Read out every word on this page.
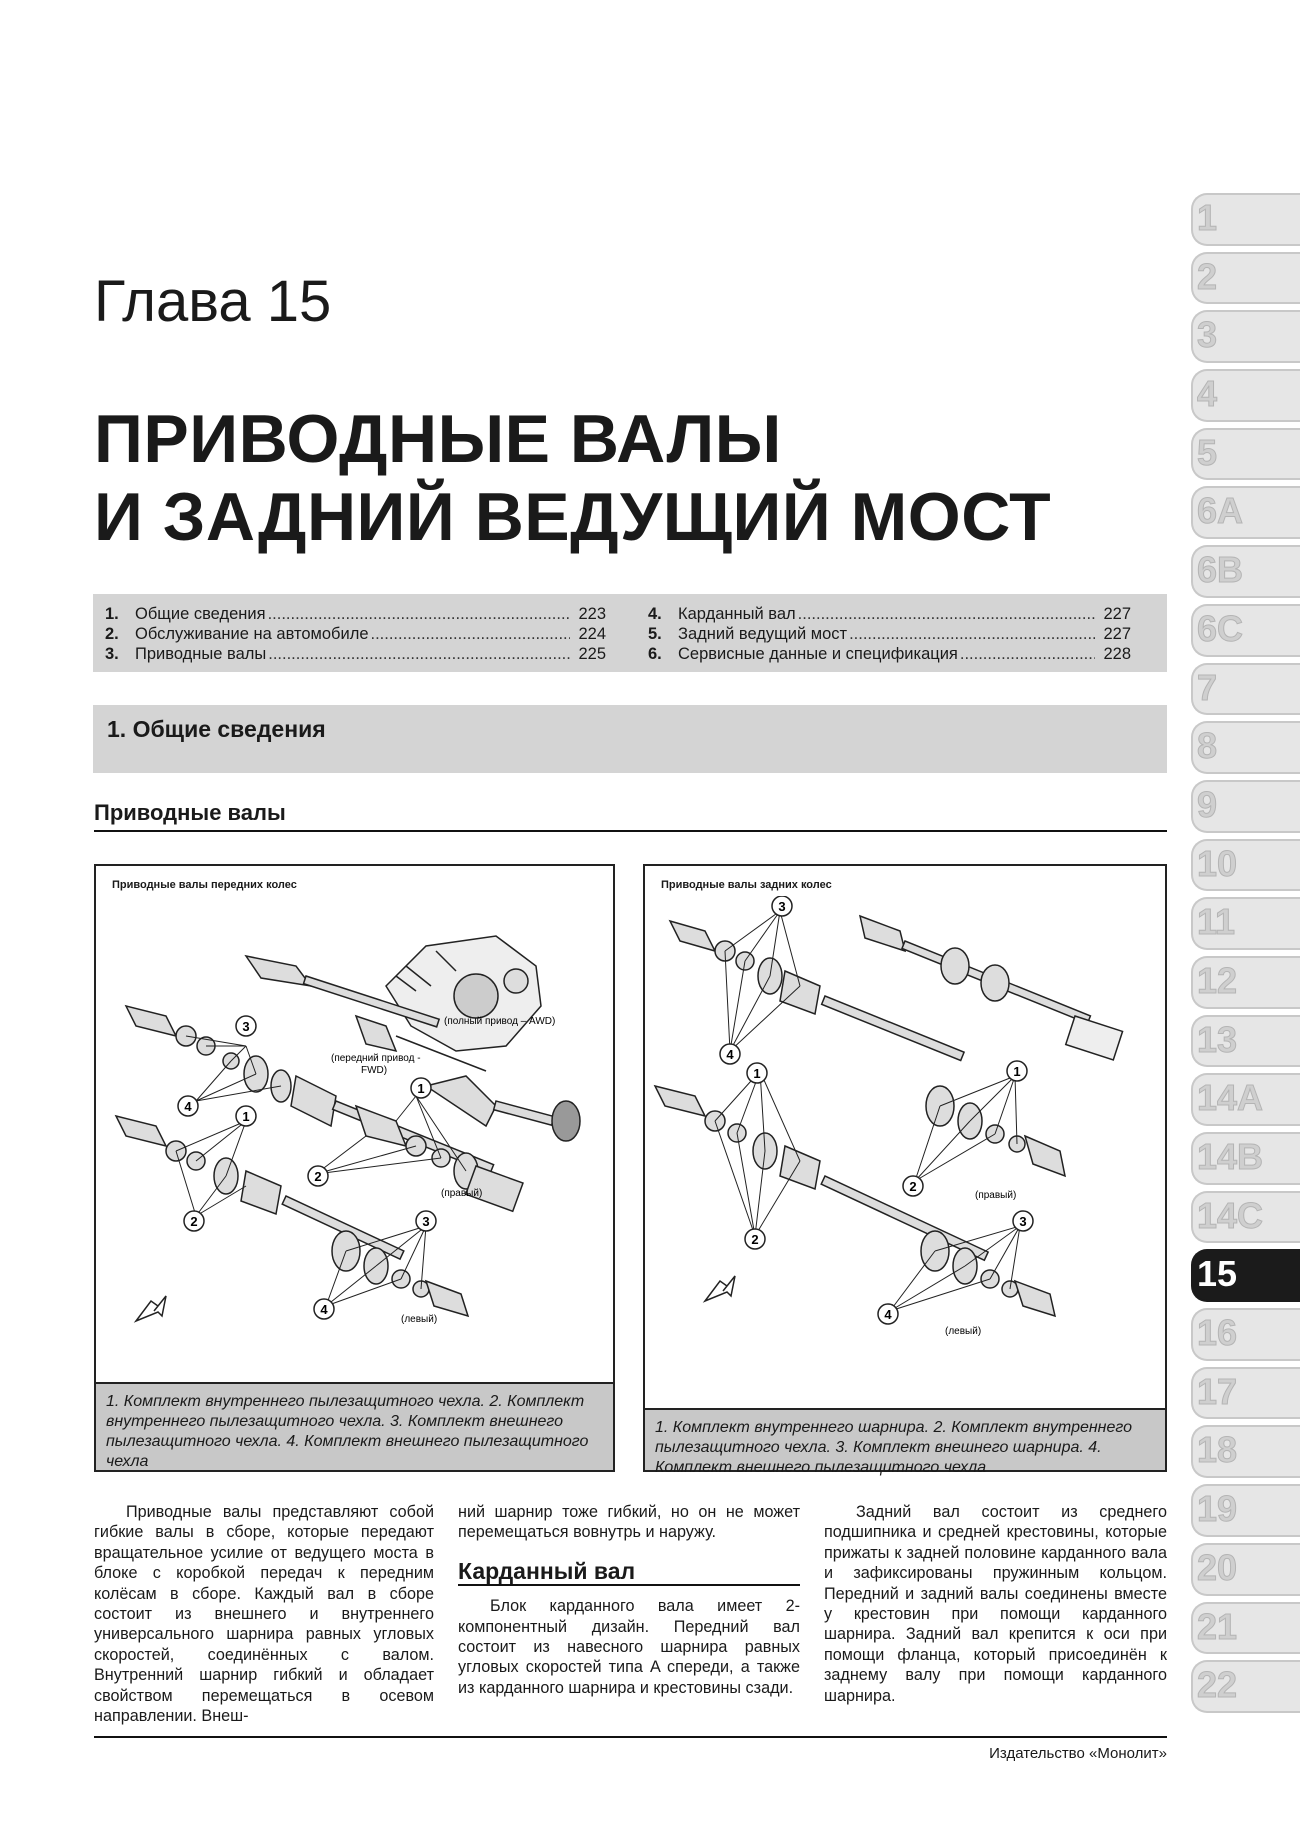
Глава 15
ПРИВОДНЫЕ ВАЛЫ
И ЗАДНИЙ ВЕДУЩИЙ МОСТ
1. Общие сведения .....	223
2. Обслуживание на автомобиле .....	224
3. Приводные валы .....	225
4. Карданный вал .....	227
5. Задний ведущий мост .....	227
6. Сервисные данные и спецификация .....	228
1. Общие сведения
Приводные валы
Приводные валы передних колес
3
4
1
2
1
2	3
4
(полный привод – AWD)
(передний привод -
FWD)
(правый)
(левый)
1. Комплект внутреннего пылезащитного чехла. 2. Комплект внутреннего пылезащитного чехла. 3. Комплект внешнего пылезащитного чехла. 4. Комплект внешнего пылезащитного чехла
Приводные валы задних колес
3
4
1
2
1
2
3
4
(правый)
(левый)
1. Комплект внутреннего шарнира. 2. Комплект внутреннего пылезащитного чехла. 3. Комплект внешнего шарнира. 4. Комплект внешнего пылезащитного чехла

Приводные валы представляют собой гибкие валы в сборе, которые передают вращательное усилие от ведущего моста в блоке с коробкой передач к передним колёсам в сборе. Каждый вал в сборе состоит из внешнего и внутреннего универсального шарнира равных угловых скоростей, соединённых с валом. Внутренний шарнир гибкий и обладает свойством перемещаться в осевом направлении. Внеш-

ний шарнир тоже гибкий, но он не может перемещаться вовнутрь и наружу.

Карданный вал

Блок карданного вала имеет 2-компонентный дизайн. Передний вал состоит из навесного шарнира равных угловых скоростей типа A спереди, а также из карданного шарнира и крестовины сзади.

Задний вал состоит из среднего подшипника и средней крестовины, которые прижаты к задней половине карданного вала и зафиксированы пружинным кольцом. Передний и задний валы соединены вместе у крестовин при помощи карданного шарнира. Задний вал крепится к оси при помощи фланца, который присоединён к заднему валу при помощи карданного шарнира.

Издательство «Монолит»
1
2
3
4
5
6A
6B
6C
7
8
9
10
11
12
13
14A
14B
14C
15
16
17
18
19
20
21
22
